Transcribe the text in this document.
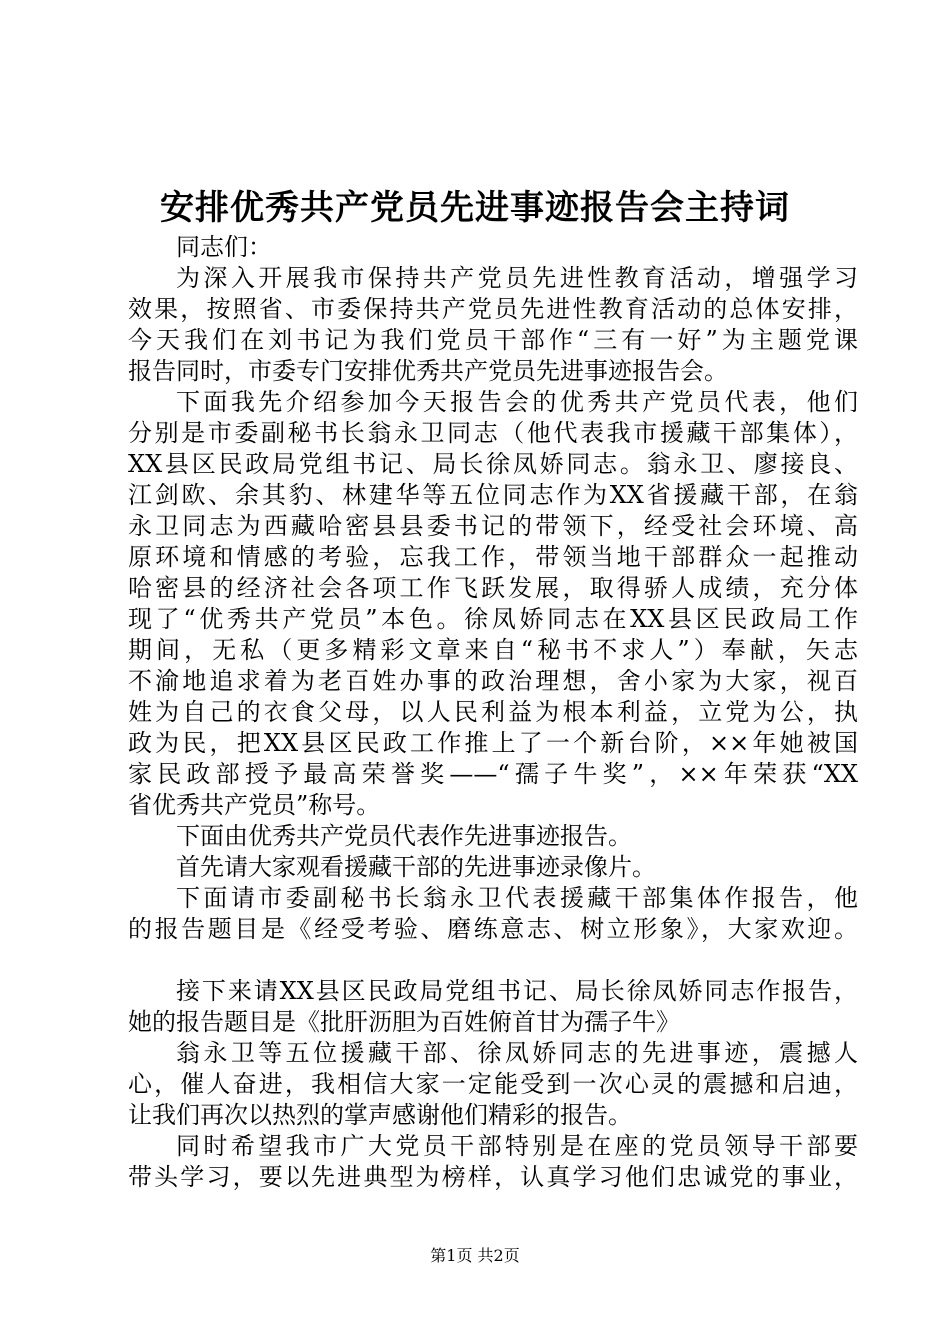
安排优秀共产党员先进事迹报告会主持词
同志们：
为深入开展我市保持共产党员先进性教育活动，增强学习
效果，按照省、市委保持共产党员先进性教育活动的总体安排，
今天我们在刘书记为我们党员干部作“三有一好”为主题党课
报告同时，市委专门安排优秀共产党员先进事迹报告会。
下面我先介绍参加今天报告会的优秀共产党员代表，他们
分别是市委副秘书长翁永卫同志（他代表我市援藏干部集体），
XX县区民政局党组书记、局长徐凤娇同志。翁永卫、廖接良、
江剑欧、余其豹、林建华等五位同志作为XX省援藏干部，在翁
永卫同志为西藏哈密县县委书记的带领下，经受社会环境、高
原环境和情感的考验，忘我工作，带领当地干部群众一起推动
哈密县的经济社会各项工作飞跃发展，取得骄人成绩，充分体
现了“优秀共产党员”本色。徐凤娇同志在XX县区民政局工作
期间，无私（更多精彩文章来自“秘书不求人”）奉献，矢志
不渝地追求着为老百姓办事的政治理想，舍小家为大家，视百
姓为自己的衣食父母，以人民利益为根本利益，立党为公，执
政为民，把XX县区民政工作推上了一个新台阶，××年她被国
家民政部授予最高荣誉奖——“孺子牛奖”，××年荣获“XX
省优秀共产党员”称号。
下面由优秀共产党员代表作先进事迹报告。
首先请大家观看援藏干部的先进事迹录像片。
下面请市委副秘书长翁永卫代表援藏干部集体作报告，他
的报告题目是《经受考验、磨练意志、树立形象》，大家欢迎。
接下来请XX县区民政局党组书记、局长徐凤娇同志作报告，
她的报告题目是《批肝沥胆为百姓俯首甘为孺子牛》
翁永卫等五位援藏干部、徐凤娇同志的先进事迹，震撼人
心，催人奋进，我相信大家一定能受到一次心灵的震撼和启迪，
让我们再次以热烈的掌声感谢他们精彩的报告。
同时希望我市广大党员干部特别是在座的党员领导干部要
带头学习，要以先进典型为榜样，认真学习他们忠诚党的事业，
第1页 共2页
